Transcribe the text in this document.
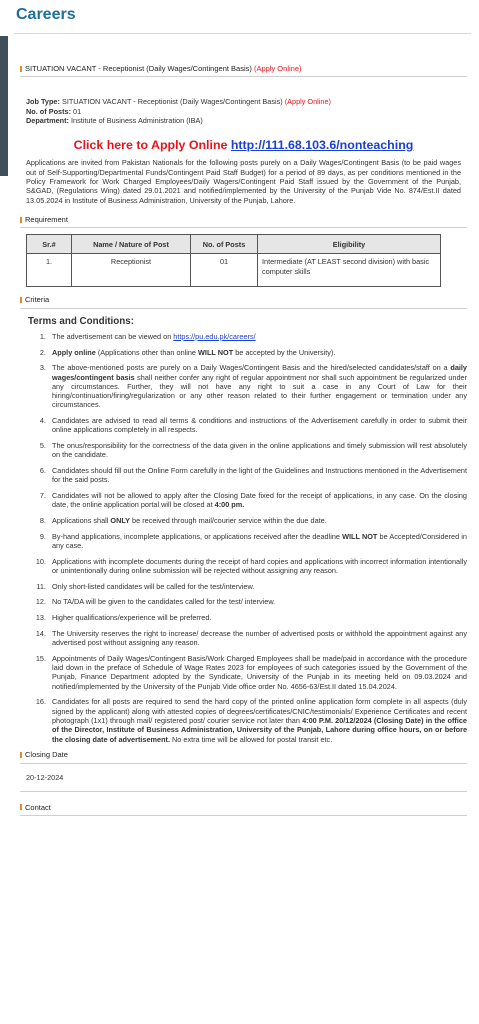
Careers
SITUATION VACANT - Receptionist (Daily Wages/Contingent Basis)
(Apply Online)
Job Type: SITUATION VACANT - Receptionist (Daily Wages/Contingent Basis) (Apply Online)
No. of Posts: 01
Department: Institute of Business Administration (IBA)
Click here to Apply Online http://111.68.103.6/nonteaching
Applications are invited from Pakistan Nationals for the following posts purely on a Daily Wages/Contingent Basis (to be paid wages out of Self-Supporting/Departmental Funds/Contingent Paid Staff Budget) for a period of 89 days, as per conditions mentioned in the Policy Framework for Work Charged Employees/Daily Wagers/Contingent Paid Staff issued by the Government of the Punjab, S&GAD, (Regulations Wing) dated 29.01.2021 and notified/implemented by the University of the Punjab Vide No. 874/Est.II dated 13.05.2024 in Institute of Business Administration, University of the Punjab, Lahore.
Requirement
Sr.#	Name / Nature of Post	No. of Posts	Eligibility
1.	Receptionist	01	Intermediate (AT LEAST second division) with basic computer skills
Criteria
Terms and Conditions:
1. The advertisement can be viewed on https://pu.edu.pk/careers/
2. Apply online (Applications other than online WILL NOT be accepted by the University).
3. The above-mentioned posts are purely on a Daily Wages/Contingent Basis and the hired/selected candidates/staff on a daily wages/contingent basis shall neither confer any right of regular appointment nor shall such appointment be regularized under any circumstances. Further, they will not have any right to suit a case in any Court of Law for their hiring/continuation/firing/regularization or any other reason related to their further engagement or termination under any circumstances.
4. Candidates are advised to read all terms & conditions and instructions of the Advertisement carefully in order to submit their online applications completely in all respects.
5. The onus/responsibility for the correctness of the data given in the online applications and timely submission will rest absolutely on the candidate.
6. Candidates should fill out the Online Form carefully in the light of the Guidelines and Instructions mentioned in the Advertisement for the said posts.
7. Candidates will not be allowed to apply after the Closing Date fixed for the receipt of applications, in any case. On the closing date, the online application portal will be closed at 4:00 pm.
8. Applications shall ONLY be received through mail/courier service within the due date.
9. By-hand applications, incomplete applications, or applications received after the deadline WILL NOT be Accepted/Considered in any case.
10. Applications with incomplete documents during the receipt of hard copies and applications with incorrect information intentionally or unintentionally during online submission will be rejected without assigning any reason.
11. Only short-listed candidates will be called for the test/interview.
12. No TA/DA will be given to the candidates called for the test/ interview.
13. Higher qualifications/experience will be preferred.
14. The University reserves the right to increase/ decrease the number of advertised posts or withhold the appointment against any advertised post without assigning any reason.
15. Appointments of Daily Wages/Contingent Basis/Work Charged Employees shall be made/paid in accordance with the procedure laid down in the preface of Schedule of Wage Rates 2023 for employees of such categories issued by the Government of the Punjab, Finance Department adopted by the Syndicate, University of the Punjab in its meeting held on 09.03.2024 and notified/implemented by the University of the Punjab Vide office order No. 4656-63/Est.II dated 15.04.2024.
16. Candidates for all posts are required to send the hard copy of the printed online application form complete in all aspects (duly signed by the applicant) along with attested copies of degrees/certificates/CNIC/testimonials/ Experience Certificates and recent photograph (1x1) through mail/ registered post/ courier service not later than 4:00 P.M. 20/12/2024 (Closing Date) in the office of the Director, Institute of Business Administration, University of the Punjab, Lahore during office hours, on or before the closing date of advertisement. No extra time will be allowed for postal transit etc.
Closing Date
20-12-2024
Contact
